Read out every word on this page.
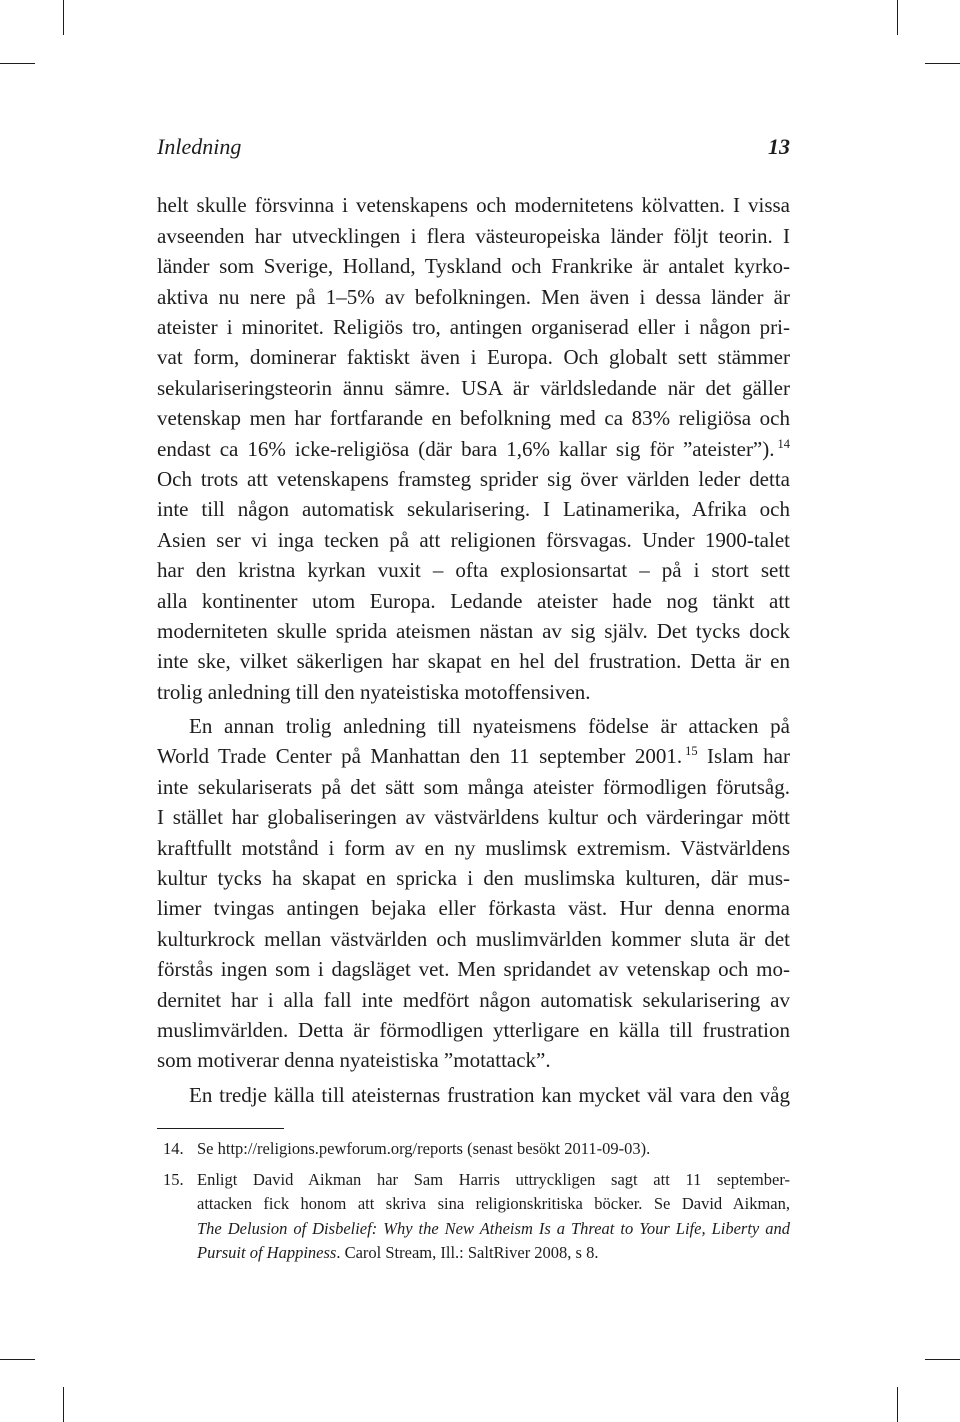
Inledning	13
helt skulle försvinna i vetenskapens och modernitetens kölvatten. I vissa
avseenden har utvecklingen i flera västeuropeiska länder följt teorin. I
länder som Sverige, Holland, Tyskland och Frankrike är antalet kyrko-
aktiva nu nere på 1–5% av befolkningen. Men även i dessa länder är
ateister i minoritet. Religiös tro, antingen organiserad eller i någon pri-
vat form, dominerar faktiskt även i Europa. Och globalt sett stämmer
sekulariseringsteorin ännu sämre. USA är världsledande när det gäller
vetenskap men har fortfarande en befolkning med ca 83% religiösa och
endast ca 16% icke-religiösa (där bara 1,6% kallar sig för ”ateister”). $^{14}$
Och trots att vetenskapens framsteg sprider sig över världen leder detta
inte till någon automatisk sekularisering. I Latinamerika, Afrika och
Asien ser vi inga tecken på att religionen försvagas. Under 1900-talet
har den kristna kyrkan vuxit – ofta explosionsartat – på i stort sett
alla kontinenter utom Europa. Ledande ateister hade nog tänkt att
moderniteten skulle sprida ateismen nästan av sig själv. Det tycks dock
inte ske, vilket säkerligen har skapat en hel del frustration. Detta är en
trolig anledning till den nyateistiska motoffensiven.
En annan trolig anledning till nyateismens födelse är attacken på
World Trade Center på Manhattan den 11 september 2001. $^{15}$ Islam har
inte sekulariserats på det sätt som många ateister förmodligen förutsåg.
I stället har globaliseringen av västvärldens kultur och värderingar mött
kraftfullt motstånd i form av en ny muslimsk extremism. Västvärldens
kultur tycks ha skapat en spricka i den muslimska kulturen, där mus-
limer tvingas antingen bejaka eller förkasta väst. Hur denna enorma
kulturkrock mellan västvärlden och muslimvärlden kommer sluta är det
förstås ingen som i dagsläget vet. Men spridandet av vetenskap och mo-
dernitet har i alla fall inte medfört någon automatisk sekularisering av
muslimvärlden. Detta är förmodligen ytterligare en källa till frustration
som motiverar denna nyateistiska ”motattack”.
En tredje källa till ateisternas frustration kan mycket väl vara den våg
14. Se http://religions.pewforum.org/reports (senast besökt 2011-09-03).
15. Enligt David Aikman har Sam Harris uttryckligen sagt att 11 september-
attacken fick honom att skriva sina religionskritiska böcker. Se David Aikman,
The Delusion of Disbelief: Why the New Atheism Is a Threat to Your Life, Liberty and
Pursuit of Happiness. Carol Stream, Ill.: SaltRiver 2008, s 8.
